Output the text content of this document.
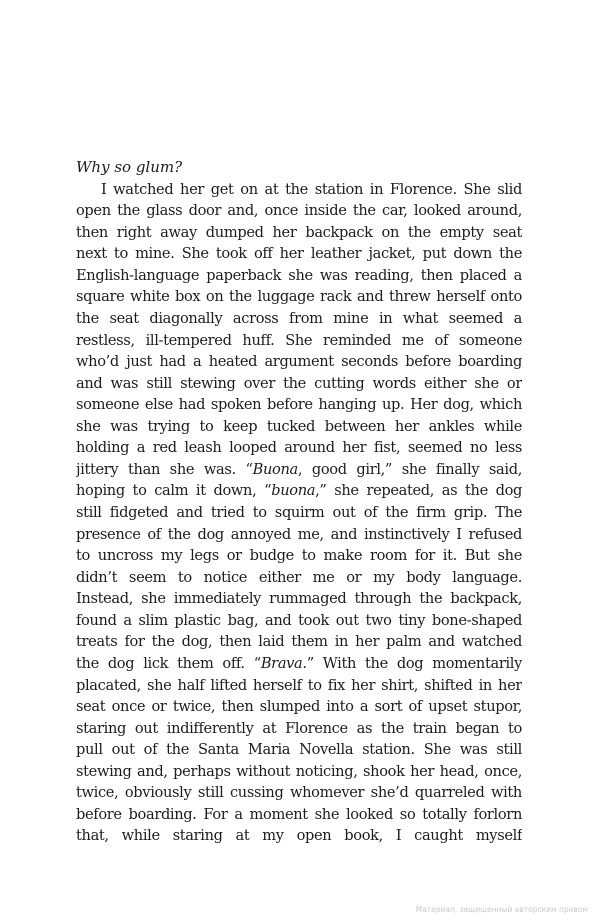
Why so glum?
I watched her get on at the station in Florence. She slid
open the glass door and, once inside the car, looked around,
then right away dumped her backpack on the empty seat
next to mine. She took off her leather jacket, put down the
English-language paperback she was reading, then placed a
square white box on the luggage rack and threw herself onto
the seat diagonally across from mine in what seemed a
restless, ill-tempered huff. She reminded me of someone
who’d just had a heated argument seconds before boarding
and was still stewing over the cutting words either she or
someone else had spoken before hanging up. Her dog, which
she was trying to keep tucked between her ankles while
holding a red leash looped around her fist, seemed no less
jittery than she was. “Buona, good girl,” she finally said,
hoping to calm it down, “buona,” she repeated, as the dog
still fidgeted and tried to squirm out of the firm grip. The
presence of the dog annoyed me, and instinctively I refused
to uncross my legs or budge to make room for it. But she
didn’t seem to notice either me or my body language.
Instead, she immediately rummaged through the backpack,
found a slim plastic bag, and took out two tiny bone-shaped
treats for the dog, then laid them in her palm and watched
the dog lick them off. “Brava.” With the dog momentarily
placated, she half lifted herself to fix her shirt, shifted in her
seat once or twice, then slumped into a sort of upset stupor,
staring out indifferently at Florence as the train began to
pull out of the Santa Maria Novella station. She was still
stewing and, perhaps without noticing, shook her head, once,
twice, obviously still cussing whomever she’d quarreled with
before boarding. For a moment she looked so totally forlorn
that, while staring at my open book, I caught myself
Материал, защищенный авторским правом
